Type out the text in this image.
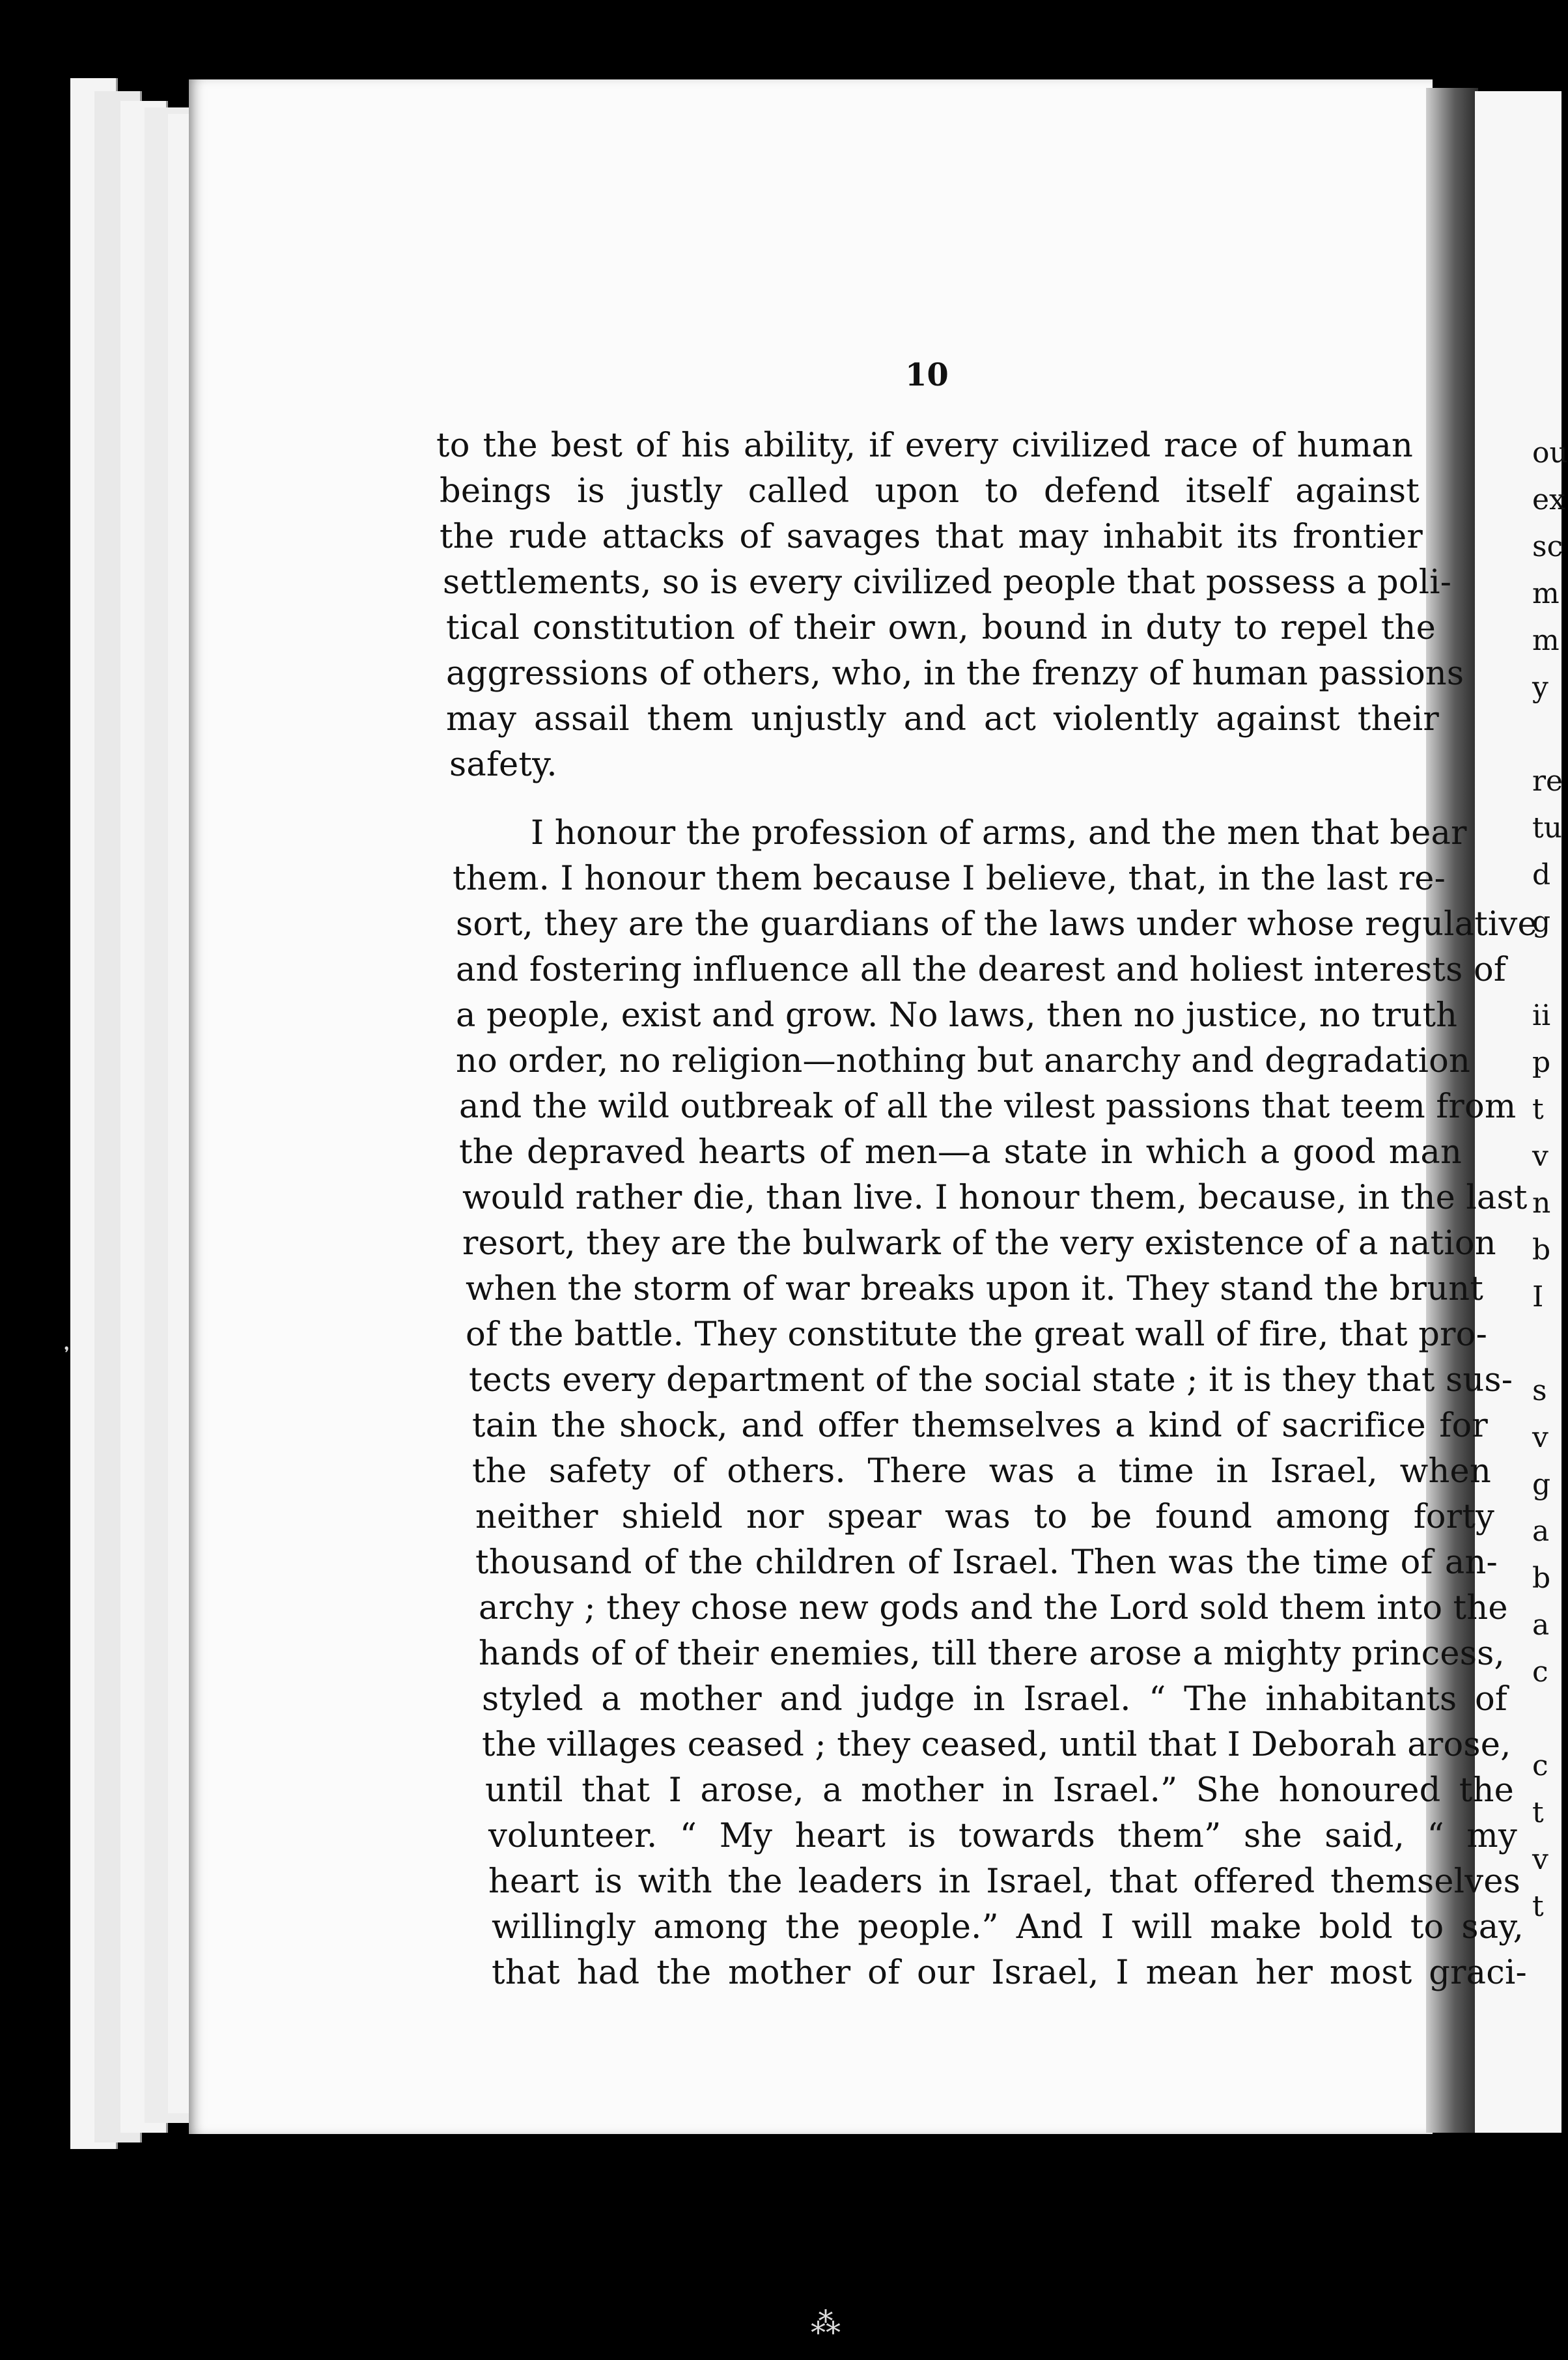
ou
ex
sc
m
m
y
re
tu
d
g
ii
p
t
v
n
b
I
s
v
g
a
b
a
c
c
t
v
t
10
to the best of his ability, if every civilized race of human
beings is justly called upon to defend itself against
the rude attacks of savages that may inhabit its frontier
settlements, so is every civilized people that possess a poli-
tical constitution of their own, bound in duty to repel the
aggressions of others, who, in the frenzy of human passions
may assail them unjustly and act violently against their
safety.
I honour the profession of arms, and the men that bear
them. I honour them because I believe, that, in the last re-
sort, they are the guardians of the laws under whose regulative
and fostering influence all the dearest and holiest interests of
a people, exist and grow. No laws, then no justice, no truth
no order, no religion—nothing but anarchy and degradation
and the wild outbreak of all the vilest passions that teem from
the depraved hearts of men—a state in which a good man
would rather die, than live. I honour them, because, in the last
resort, they are the bulwark of the very existence of a nation
when the storm of war breaks upon it. They stand the brunt
of the battle. They constitute the great wall of fire, that pro-
tects every department of the social state ; it is they that sus-
tain the shock, and offer themselves a kind of sacrifice for
the safety of others. There was a time in Israel, when
neither shield nor spear was to be found among forty
thousand of the children of Israel. Then was the time of an-
archy ; they chose new gods and the Lord sold them into the
hands of of their enemies, till there arose a mighty princess,
styled a mother and judge in Israel. “ The inhabitants of
the villages ceased ; they ceased, until that I Deborah arose,
until that I arose, a mother in Israel.” She honoured the
volunteer. “ My heart is towards them” she said, “ my
heart is with the leaders in Israel, that offered themselves
willingly among the people.” And I will make bold to say,
that had the mother of our Israel, I mean her most graci-
᾿
⁂
